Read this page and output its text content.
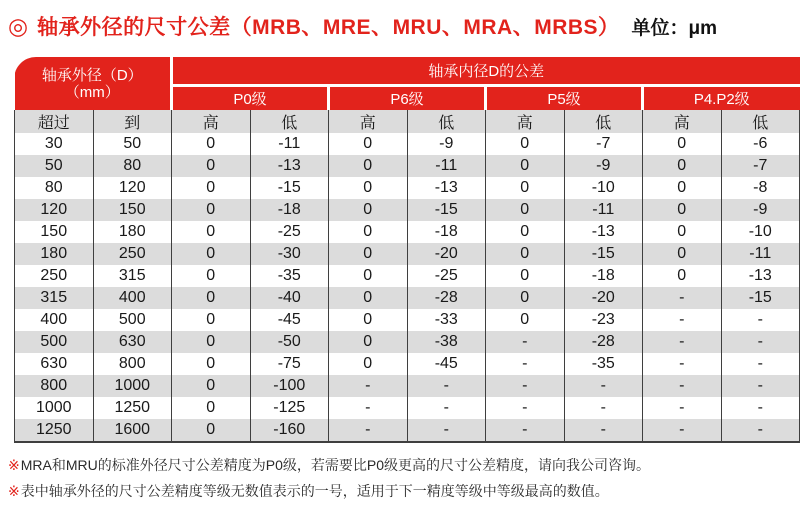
◎ 轴承外径的尺寸公差（MRB、MRE、MRU、MRA、MRBS） 单位：μm
轴承外径（D）
（mm）		轴承内径D的公差							
		P0级		P6级		P5级		P4.P2级	
超过	到	高	低	高	低	高	低	高	低
30	50	0	-11	0	-9	0	-7	0	-6
50	80	0	-13	0	-11	0	-9	0	-7
80	120	0	-15	0	-13	0	-10	0	-8
120	150	0	-18	0	-15	0	-11	0	-9
150	180	0	-25	0	-18	0	-13	0	-10
180	250	0	-30	0	-20	0	-15	0	-11
250	315	0	-35	0	-25	0	-18	0	-13
315	400	0	-40	0	-28	0	-20	-	-15
400	500	0	-45	0	-33	0	-23	-	-
500	630	0	-50	0	-38	-	-28	-	-
630	800	0	-75	0	-45	-	-35	-	-
800	1000	0	-100	-	-	-	-	-	-
1000	1250	0	-125	-	-	-	-	-	-
1250	1600	0	-160	-	-	-	-	-	-
※MRA和MRU的标准外径尺寸公差精度为P0级，若需要比P0级更高的尺寸公差精度，请向我公司咨询。
※表中轴承外径的尺寸公差精度等级无数值表示的一号，适用于下一精度等级中等级最高的数值。
